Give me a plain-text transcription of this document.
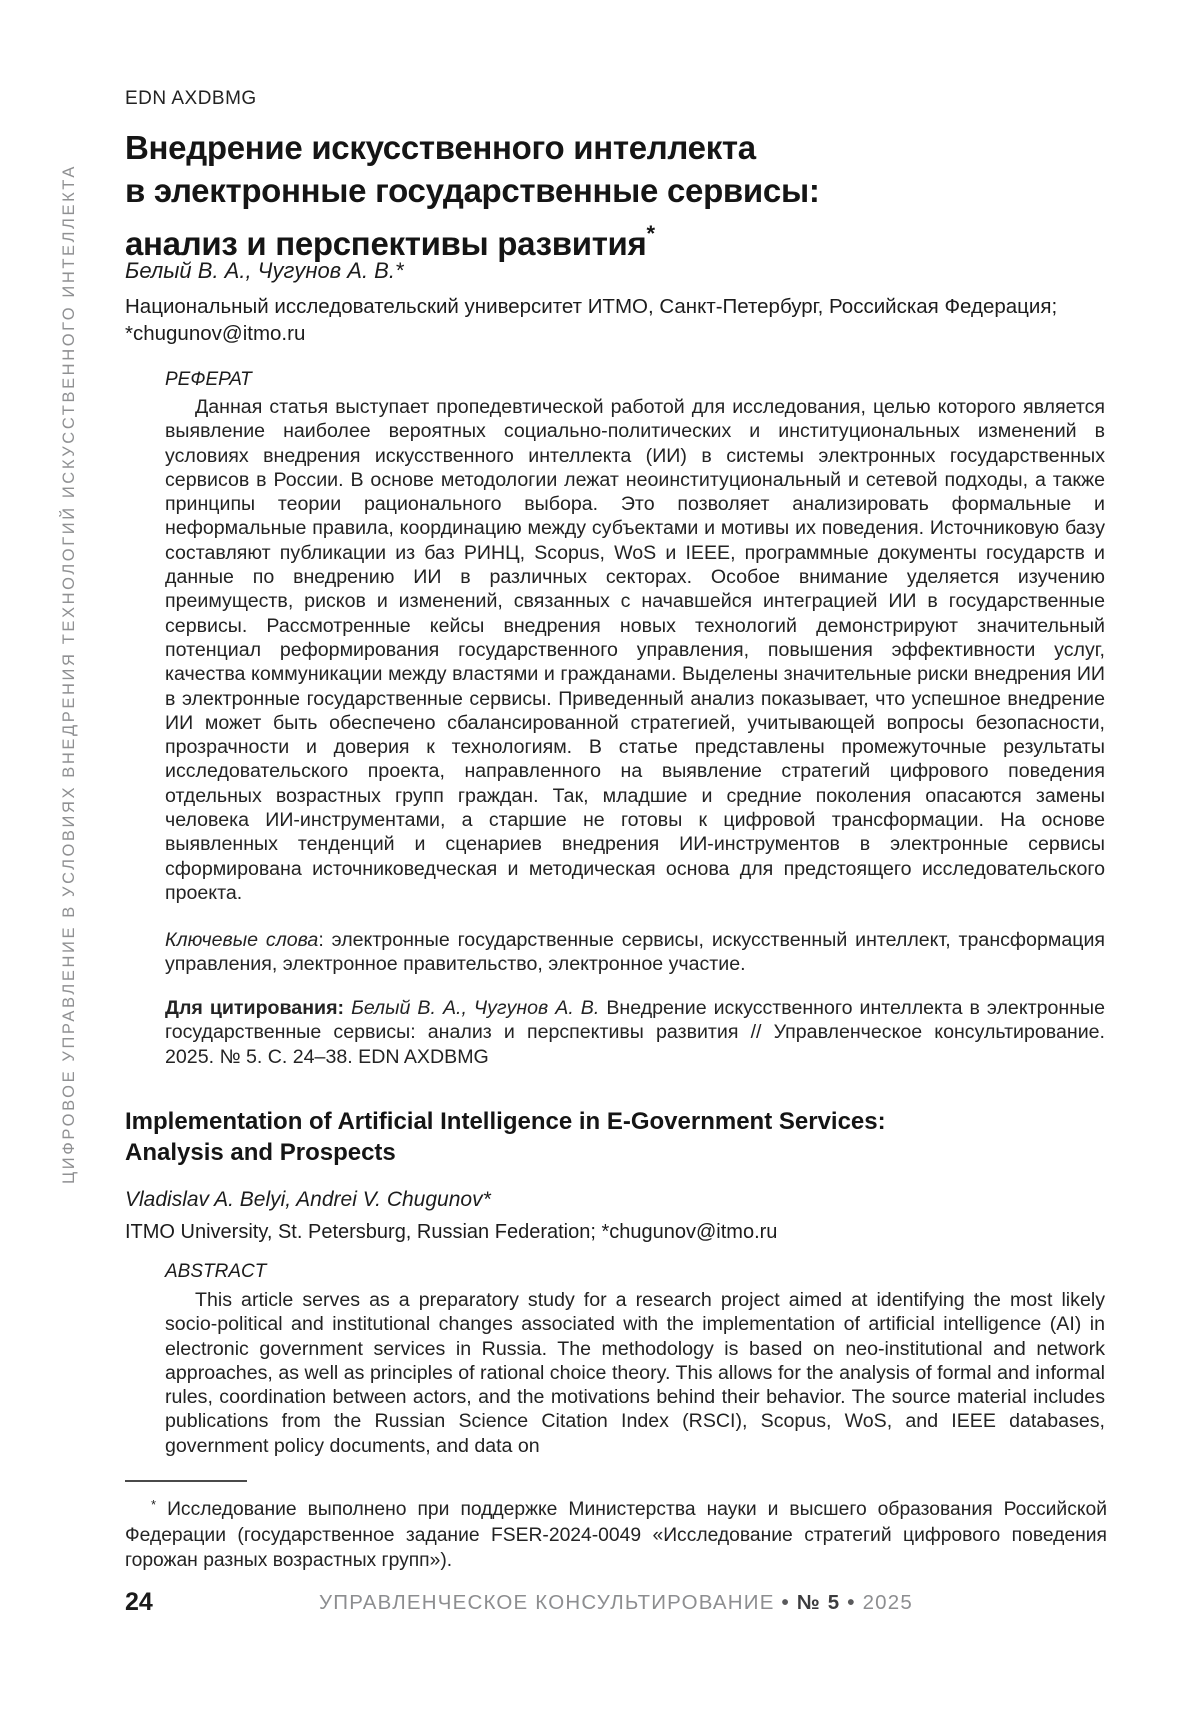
ЦИФРОВОЕ УПРАВЛЕНИЕ В УСЛОВИЯХ ВНЕДРЕНИЯ ТЕХНОЛОГИЙ ИСКУССТВЕННОГО ИНТЕЛЛЕКТА
EDN AXDBMG
Внедрение искусственного интеллекта
в электронные государственные сервисы:
анализ и перспективы развития*
Белый В. А., Чугунов А. В.*
Национальный исследовательский университет ИТМО, Санкт-Петербург, Российская Федерация; *chugunov@itmo.ru
РЕФЕРАТ
Данная статья выступает пропедевтической работой для исследования, целью которого является выявление наиболее вероятных социально-политических и институциональных изменений в условиях внедрения искусственного интеллекта (ИИ) в системы электронных государственных сервисов в России. В основе методологии лежат неоинституциональный и сетевой подходы, а также принципы теории рационального выбора. Это позволяет анализировать формальные и неформальные правила, координацию между субъектами и мотивы их поведения. Источниковую базу составляют публикации из баз РИНЦ, Scopus, WoS и IEEE, программные документы государств и данные по внедрению ИИ в различных секторах. Особое внимание уделяется изучению преимуществ, рисков и изменений, связанных с начавшейся интеграцией ИИ в государственные сервисы. Рассмотренные кейсы внедрения новых технологий демонстрируют значительный потенциал реформирования государственного управления, повышения эффективности услуг, качества коммуникации между властями и гражданами. Выделены значительные риски внедрения ИИ в электронные государственные сервисы. Приведенный анализ показывает, что успешное внедрение ИИ может быть обеспечено сбалансированной стратегией, учитывающей вопросы безопасности, прозрачности и доверия к технологиям. В статье представлены промежуточные результаты исследовательского проекта, направленного на выявление стратегий цифрового поведения отдельных возрастных групп граждан. Так, младшие и средние поколения опасаются замены человека ИИ-инструментами, а старшие не готовы к цифровой трансформации. На основе выявленных тенденций и сценариев внедрения ИИ-инструментов в электронные сервисы сформирована источниковедческая и методическая основа для предстоящего исследовательского проекта.
Ключевые слова: электронные государственные сервисы, искусственный интеллект, трансформация управления, электронное правительство, электронное участие.
Для цитирования: Белый В. А., Чугунов А. В. Внедрение искусственного интеллекта в электронные государственные сервисы: анализ и перспективы развития // Управленческое консультирование. 2025. № 5. С. 24–38. EDN AXDBMG
Implementation of Artificial Intelligence in E-Government Services:
Analysis and Prospects
Vladislav A. Belyi, Andrei V. Chugunov*
ITMO University, St. Petersburg, Russian Federation; *chugunov@itmo.ru
ABSTRACT
This article serves as a preparatory study for a research project aimed at identifying the most likely socio-political and institutional changes associated with the implementation of artificial intelligence (AI) in electronic government services in Russia. The methodology is based on neo-institutional and network approaches, as well as principles of rational choice theory. This allows for the analysis of formal and informal rules, coordination between actors, and the motivations behind their behavior. The source material includes publications from the Russian Science Citation Index (RSCI), Scopus, WoS, and IEEE databases, government policy documents, and data on
* Исследование выполнено при поддержке Министерства науки и высшего образования Российской Федерации (государственное задание FSER-2024-0049 «Исследование стратегий цифрового поведения горожан разных возрастных групп»).
24	УПРАВЛЕНЧЕСКОЕ КОНСУЛЬТИРОВАНИЕ • № 5 • 2025
